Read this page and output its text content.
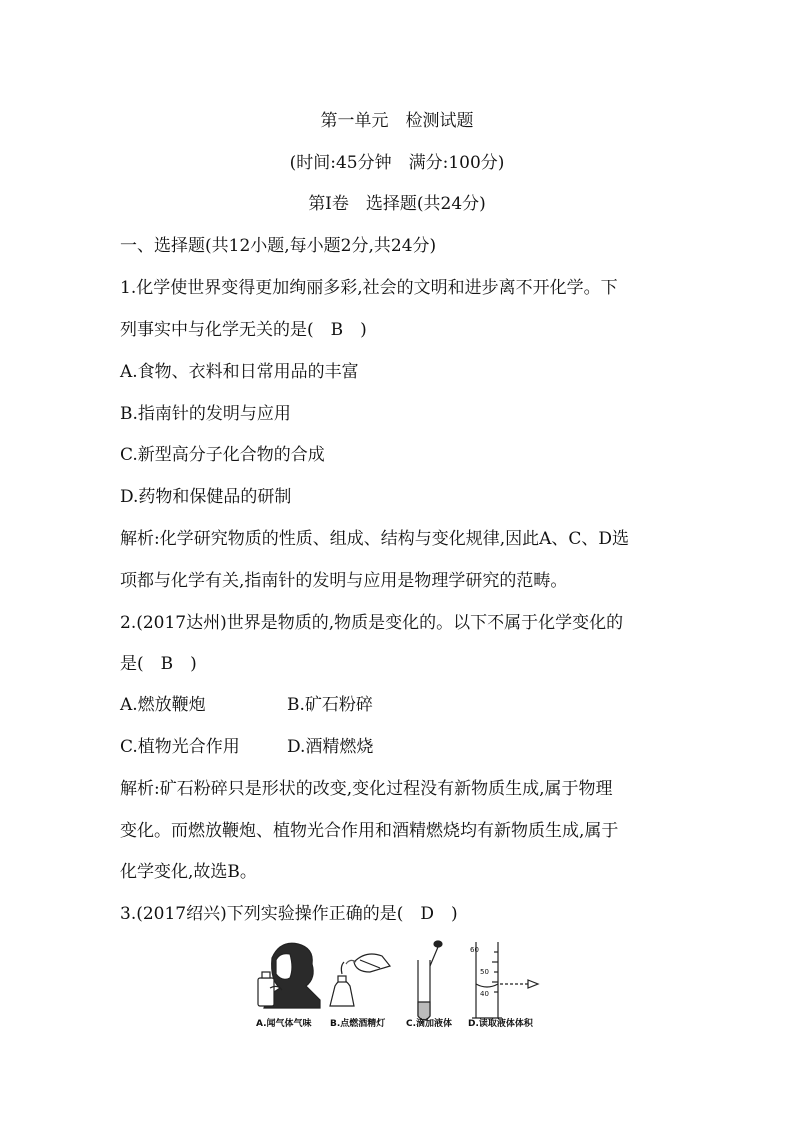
第一单元　检测试题
(时间:45分钟　满分:100分)
第Ⅰ卷　选择题(共24分)
一、选择题(共12小题,每小题2分,共24分)
1.化学使世界变得更加绚丽多彩,社会的文明和进步离不开化学。下
列事实中与化学无关的是(　B　)
A.食物、衣料和日常用品的丰富
B.指南针的发明与应用
C.新型高分子化合物的合成
D.药物和保健品的研制
解析:化学研究物质的性质、组成、结构与变化规律,因此A、C、D选
项都与化学有关,指南针的发明与应用是物理学研究的范畴。
2.(2017达州)世界是物质的,物质是变化的。以下不属于化学变化的
是(　B　)
A.燃放鞭炮	B.矿石粉碎
C.植物光合作用	D.酒精燃烧
解析:矿石粉碎只是形状的改变,变化过程没有新物质生成,属于物理
变化。而燃放鞭炮、植物光合作用和酒精燃烧均有新物质生成,属于
化学变化,故选B。
3.(2017绍兴)下列实验操作正确的是(　D　)
60
50
40
A.闻气体气味 B.点燃酒精灯 C.滴加液体 D.读取液体体积
